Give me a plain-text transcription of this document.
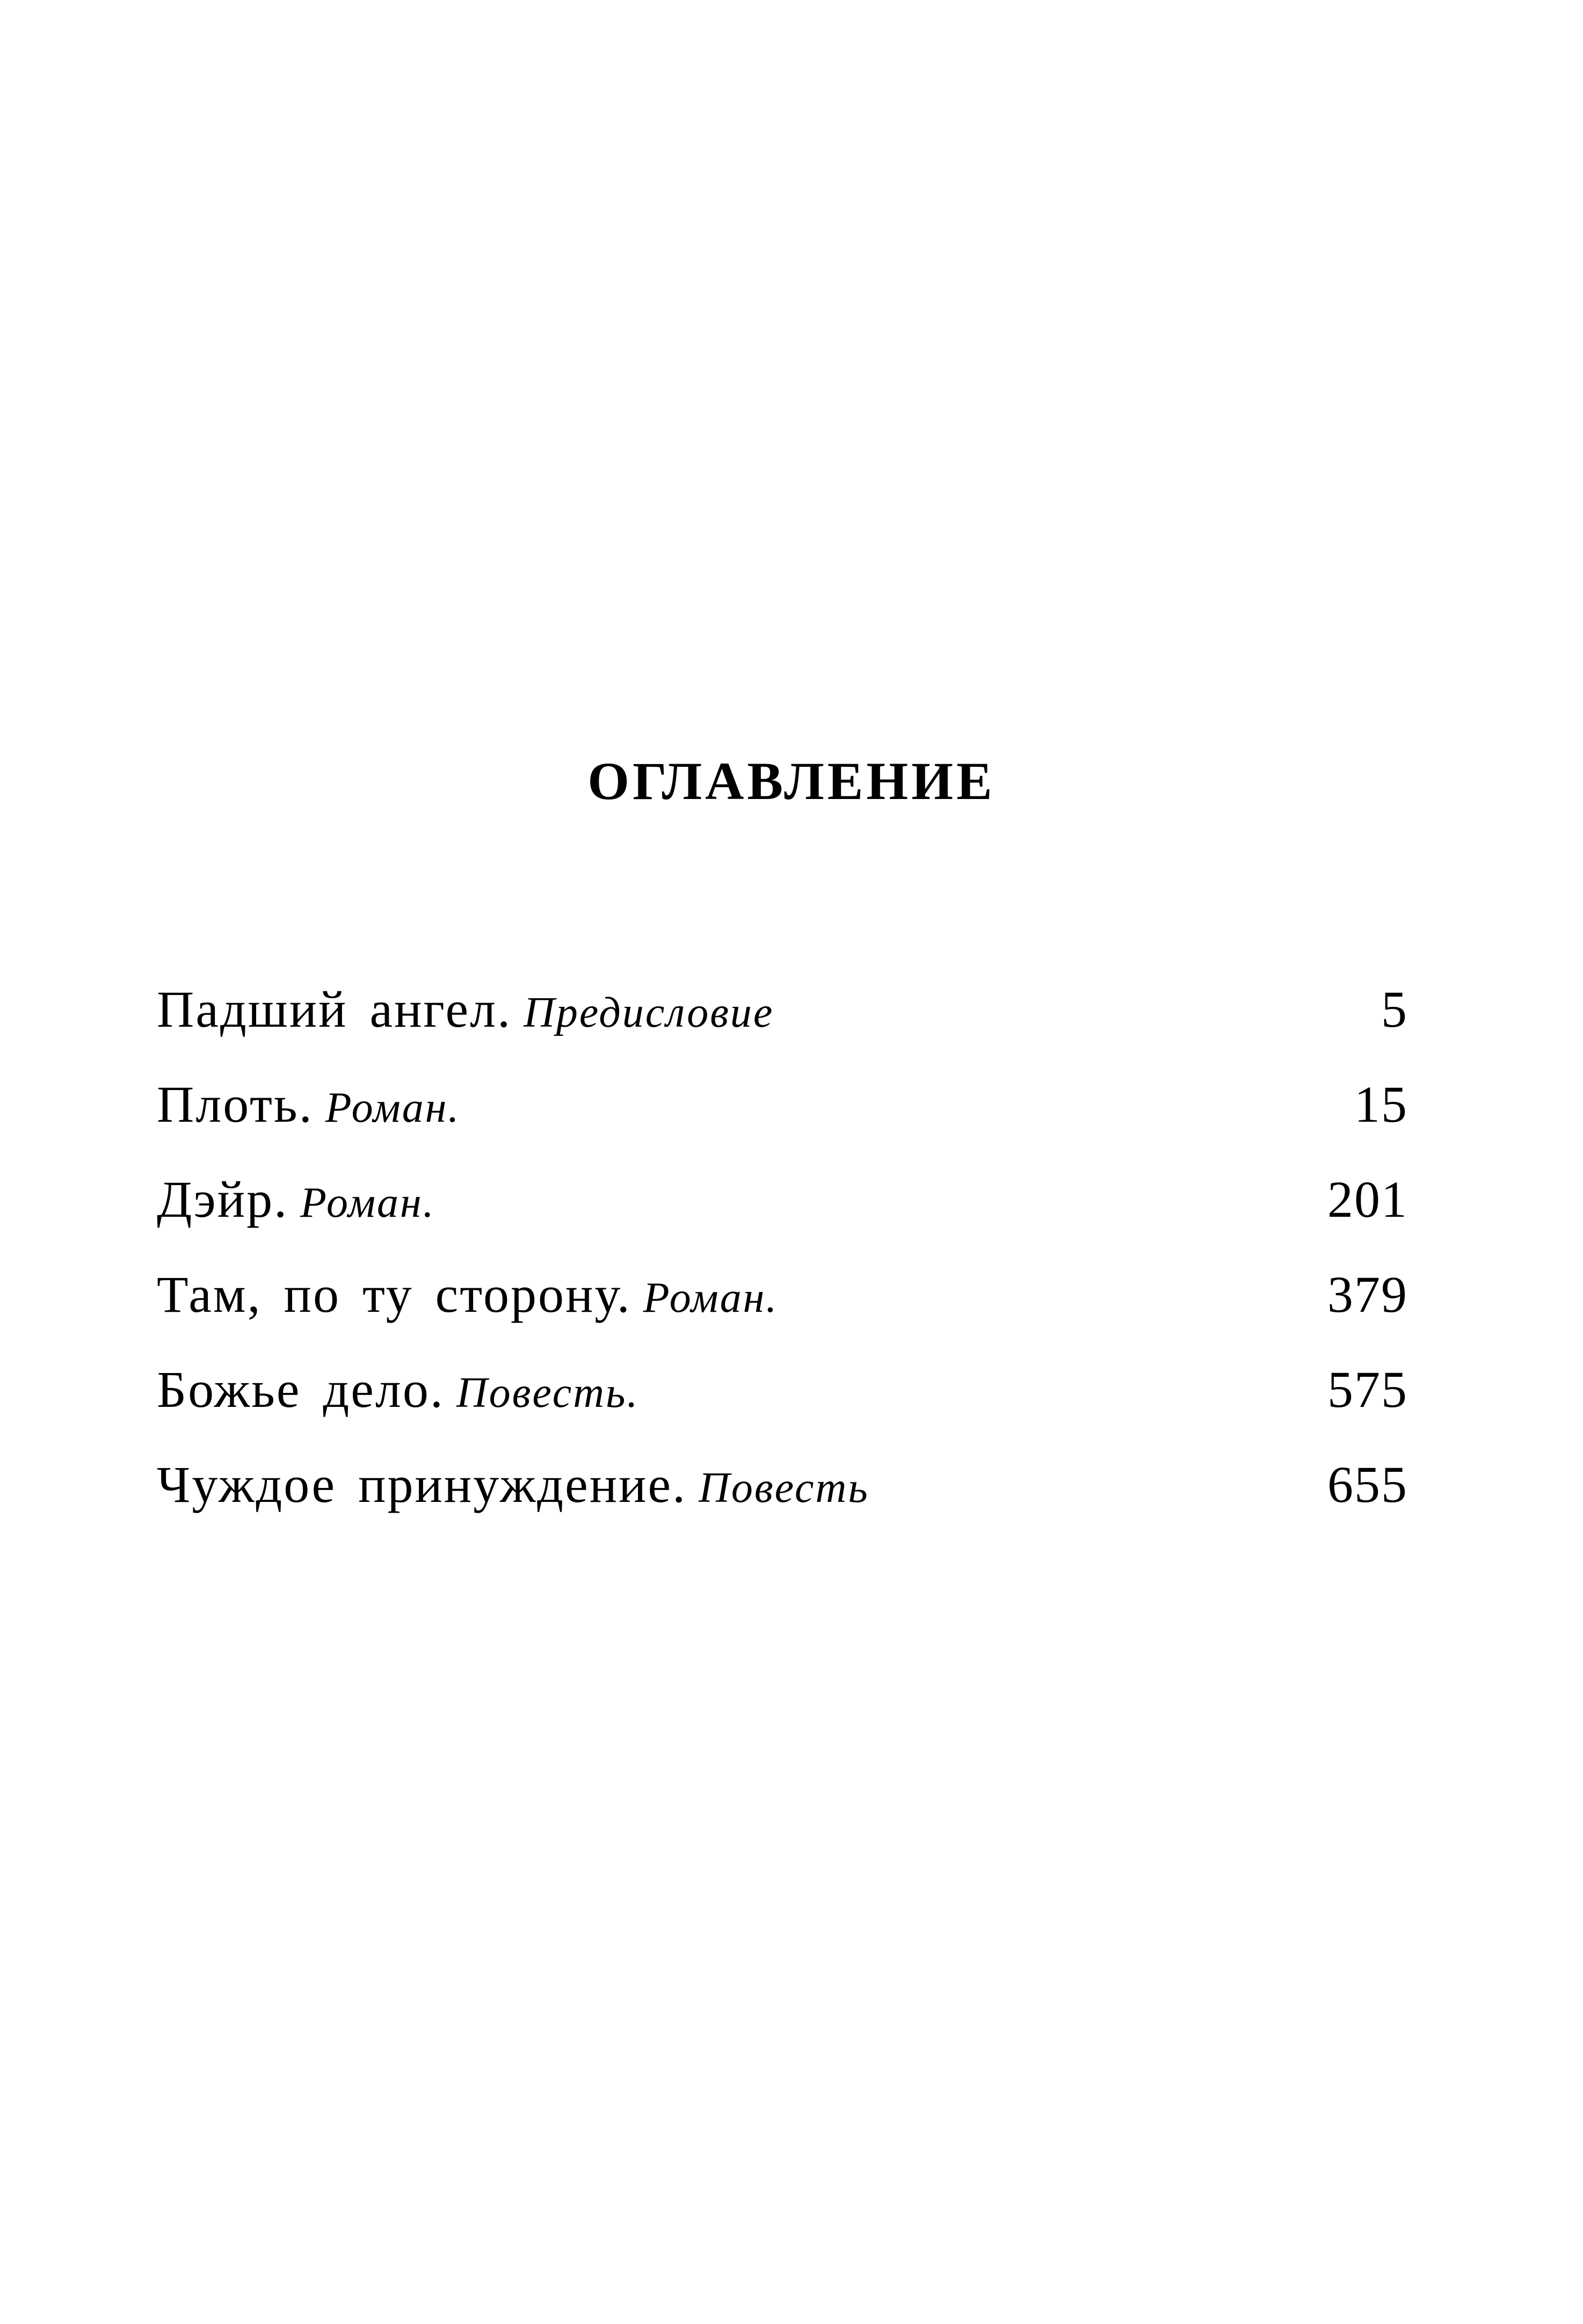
ОГЛАВЛЕНИЕ
Падший ангел. Предисловие	5
Плоть. Роман.	15
Дэйр. Роман.	201
Там, по ту сторону. Роман.	379
Божье дело. Повесть.	575
Чуждое принуждение. Повесть	655
